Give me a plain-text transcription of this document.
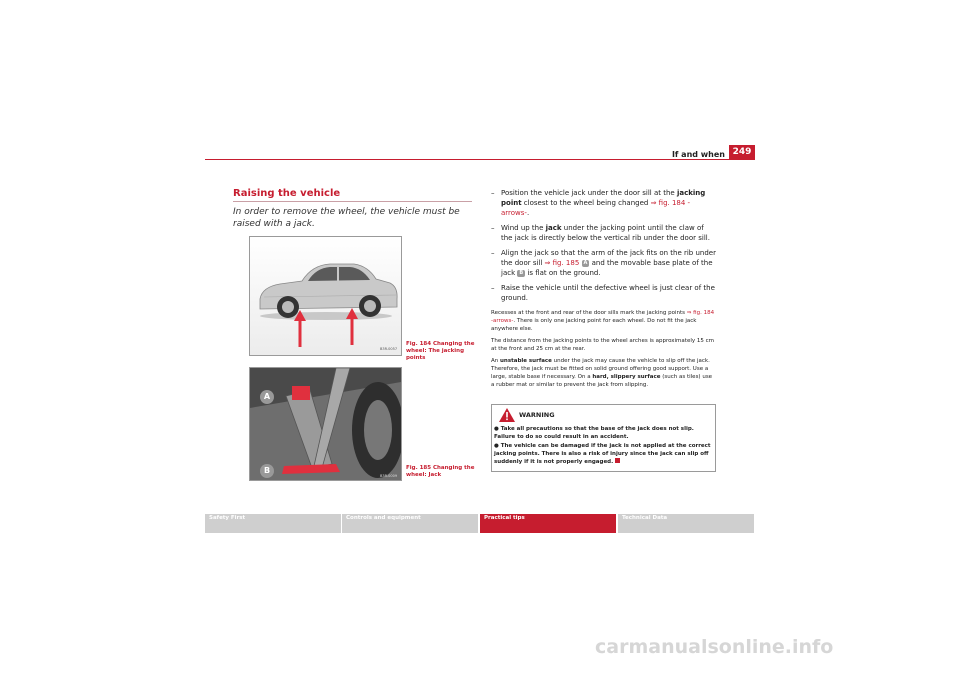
If and when 249
Raising the vehicle
In order to remove the wheel, the vehicle must be raised with a jack.
B3R-0057
Fig. 184 Changing the wheel: The jacking points
A
B
B3R-0009
Fig. 185 Changing the wheel: Jack
– Position the vehicle jack under the door sill at the jacking point closest to the wheel being changed ⇒ fig. 184 -arrows-.
– Wind up the jack under the jacking point until the claw of the jack is directly below the vertical rib under the door sill.
– Align the jack so that the arm of the jack fits on the rib under the door sill ⇒ fig. 185 A and the movable base plate of the jack B is flat on the ground.
– Raise the vehicle until the defective wheel is just clear of the ground.

Recesses at the front and rear of the door sills mark the jacking points ⇒ fig. 184 -arrows-. There is only one jacking point for each wheel. Do not fit the jack anywhere else.

The distance from the jacking points to the wheel arches is approximately 15 cm at the front and 25 cm at the rear.

An unstable surface under the jack may cause the vehicle to slip off the jack. Therefore, the jack must be fitted on solid ground offering good support. Use a large, stable base if necessary. On a hard, slippery surface (such as tiles) use a rubber mat or similar to prevent the jack from slipping.

WARNING

● Take all precautions so that the base of the jack does not slip. Failure to do so could result in an accident.

● The vehicle can be damaged if the jack is not applied at the correct jacking points. There is also a risk of injury since the jack can slip off suddenly if it is not properly engaged.

Safety First	Controls and equipment	Practical tips	Technical Data
carmanualsonline.info
